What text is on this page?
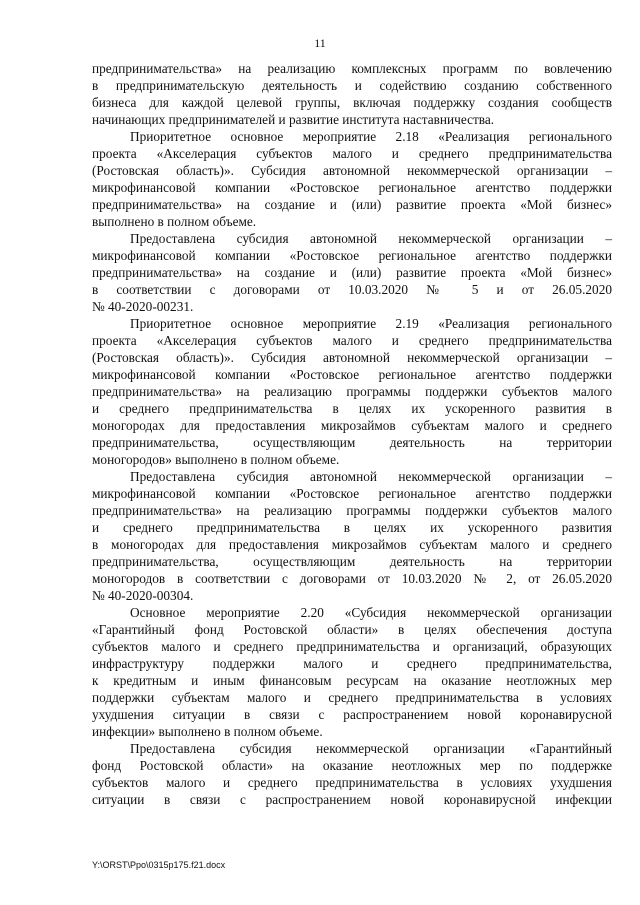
11
предпринимательства» на реализацию комплексных программ по вовлечению
в предпринимательскую деятельность и содействию созданию собственного
бизнеса для каждой целевой группы, включая поддержку создания сообществ
начинающих предпринимателей и развитие института наставничества.
Приоритетное основное мероприятие 2.18 «Реализация регионального
проекта «Акселерация субъектов малого и среднего предпринимательства
(Ростовская область)». Субсидия автономной некоммерческой организации –
микрофинансовой компании «Ростовское региональное агентство поддержки
предпринимательства» на создание и (или) развитие проекта «Мой бизнес»
выполнено в полном объеме.
Предоставлена субсидия автономной некоммерческой организации –
микрофинансовой компании «Ростовское региональное агентство поддержки
предпринимательства» на создание и (или) развитие проекта «Мой бизнес»
в соответствии с договорами от 10.03.2020 № 5 и от 26.05.2020
№ 40-2020-00231.
Приоритетное основное мероприятие 2.19 «Реализация регионального
проекта «Акселерация субъектов малого и среднего предпринимательства
(Ростовская область)». Субсидия автономной некоммерческой организации –
микрофинансовой компании «Ростовское региональное агентство поддержки
предпринимательства» на реализацию программы поддержки субъектов малого
и среднего предпринимательства в целях их ускоренного развития в
моногородах для предоставления микрозаймов субъектам малого и среднего
предпринимательства, осуществляющим деятельность на территории
моногородов» выполнено в полном объеме.
Предоставлена субсидия автономной некоммерческой организации –
микрофинансовой компании «Ростовское региональное агентство поддержки
предпринимательства» на реализацию программы поддержки субъектов малого
и среднего предпринимательства в целях их ускоренного развития
в моногородах для предоставления микрозаймов субъектам малого и среднего
предпринимательства, осуществляющим деятельность на территории
моногородов в соответствии с договорами от 10.03.2020 № 2, от 26.05.2020
№ 40-2020-00304.
Основное мероприятие 2.20 «Субсидия некоммерческой организации
«Гарантийный фонд Ростовской области» в целях обеспечения доступа
субъектов малого и среднего предпринимательства и организаций, образующих
инфраструктуру поддержки малого и среднего предпринимательства,
к кредитным и иным финансовым ресурсам на оказание неотложных мер
поддержки субъектам малого и среднего предпринимательства в условиях
ухудшения ситуации в связи с распространением новой коронавирусной
инфекции» выполнено в полном объеме.
Предоставлена субсидия некоммерческой организации «Гарантийный
фонд Ростовской области» на оказание неотложных мер по поддержке
субъектов малого и среднего предпринимательства в условиях ухудшения
ситуации в связи с распространением новой коронавирусной инфекции
Y:\ORST\Ppo\0315p175.f21.docx
